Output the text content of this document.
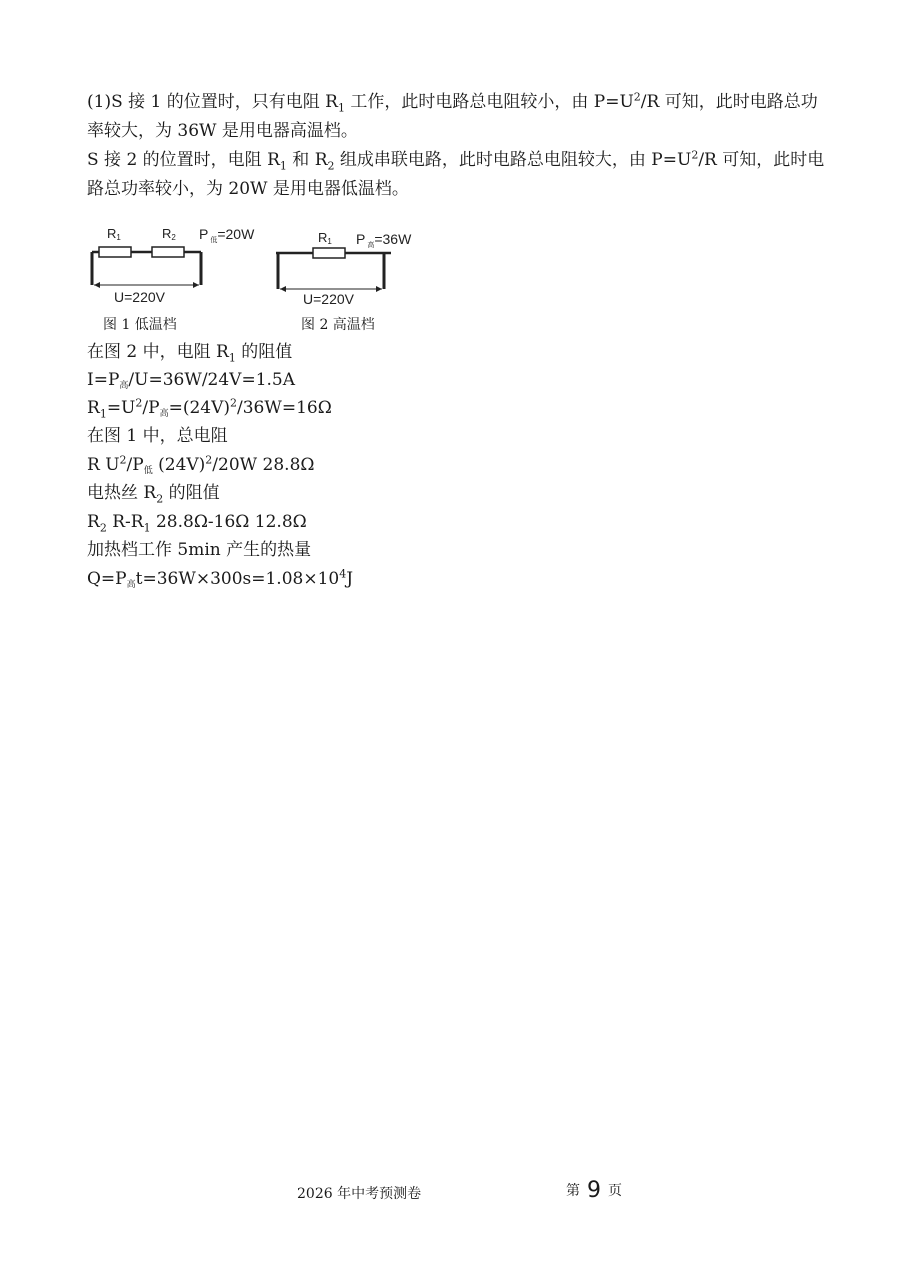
(1)S 接 1 的位置时，只有电阻 $R_1$ 工作，此时电路总电阻较小，由 $P=U^2/R$ 可知，此时电路总功率较大，为 36W 是用电器高温档。

S 接 2 的位置时，电阻 $R_1$ 和 $R_2$ 组成串联电路，此时电路总电阻较大，由 $P=U^2/R$ 可知，此时电路总功率较小，为 20W 是用电器低温档。

R1	R2 P $_低$=20W
U=220V
图 1 低温档
R1 P $_高$=36W
U=220V
图 2 高温档
在图 2 中，电阻 $R_1$ 的阻值
I=P高/U=36W/24V=1.5A
$R_1=U^2/P$高$=(24V)^2/36W=16\Omega$
在图 1 中，总电阻
R $U^2/P$低 $(24V)^2/20W$ 28.8Ω
电热丝 $R_2$ 的阻值
$R_2$ $R-R_1$ 28.8Ω-16Ω 12.8Ω
加热档工作 5min 产生的热量
Q=P高$t=36W\times 300s=1.08\times 10^4J$
2026 年中考预测卷	第 9 页
